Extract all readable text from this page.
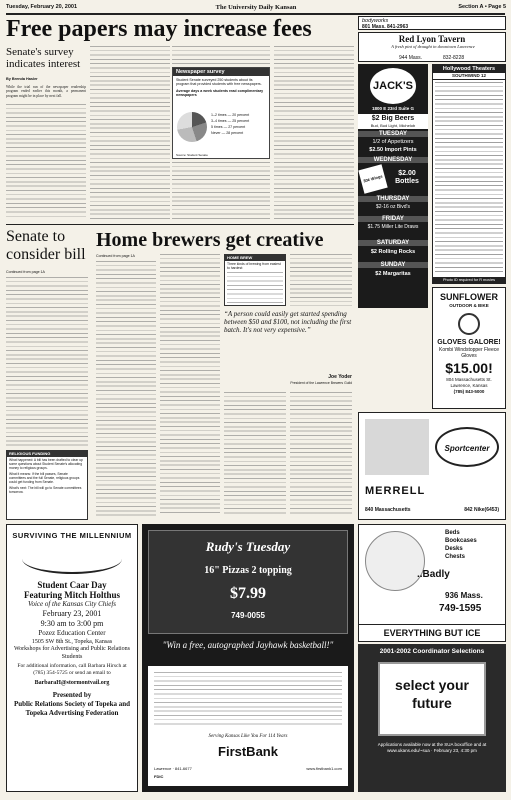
Tuesday, February 20, 2001	The University Daily Kansan	Section A • Page 5
Free papers may increase fees
Senate's survey indicates interest
By Brenda Hasler
While the trial run of the newspaper readership program ended earlier this month, a permanent program might be in place by next fall.
Newspaper survey
Student Senate surveyed 250 students about its program that provided students with free newspapers.
Average days a week students read complimentary newspapers
1–2 times — 20 percent
3–4 times — 25 percent
5 times — 27 percent
Never — 28 percent
Source: Student Senate
Senate to consider bill
Continued from page 1A
RELIGIOUS FUNDING
What happened: A bill has been drafted to clear up some questions about Student Senate's allocating money to religious groups.
What it means: If the bill passes, Senate committees and the full Senate, religious groups could get funding from Senate.
What's next: The bill will go to Senate committees tomorrow.
Home brewers get creative
Continued from page 1A	HOME BREW
Three kinds of brewing from easiest to hardest:
“A person could easily get started spending between $50 and $100, not including the first batch. It's not very expensive.”
Joe Yoder
President of the Lawrence Brewers Guild
bodyworks
801 Mass. 841-2963
Red Lyon Tavern
A fresh pint of draught in downtown Lawrence
944 Mass.	832-8228
JACK'S
1800 E 23rd Suite G
$2 Big Beers
Bud, Bud Light, Michelob
TUESDAY
1/2 of Appetizers
$2.50 Import Pints
WEDNESDAY
30¢ Wings
$2.00 Bottles
THURSDAY
$2-16 oz Bivd's
FRIDAY
$1.75 Miller Lite Draws
SATURDAY
$2 Rolling Rocks
SUNDAY
$2 Margaritas
Hollywood Theaters
SOUTHWIND 12
Photo ID required for R movies
SUNFLOWER
OUTDOOR & BIKE
GLOVES GALORE!
Kombi Windstopper Fleece Gloves
$15.00!
804 Massachusetts St. Lawrence, Kansas
(785) 843-5000
Sportcenter
MERRELL
840 Massachusetts	842 Nike(6453)
SURVIVING THE MILLENNIUM
Student Caar Day
Featuring Mitch Holthus
Voice of the Kansas City Chiefs
February 23, 2001
9:30 am to 3:00 pm
Pozez Education Center
1505 SW 8th St., Topeka, Kansas
Workshops for Advertising and Public Relations Students
For additional information, call Barbara Hirsch at (785) 354-5725 or send an email to
BarbaraH@stormontvail.org
Presented by
Public Relations Society of Topeka and Topeka Advertising Federation
Rudy's Tuesday
16" Pizzas 2 topping
$7.99
749-0055
"Win a free, autographed Jayhawk basketball!"
Serving Kansas Like You For 114 Years
FirstBank
Lawrence · 841-6677	www.firstbank1.com
FDIC
Beds
Bookcases
Desks
Chests
..Badly
936 Mass.
749-1595
EVERYTHING BUT ICE
2001-2002 Coordinator Selections
select your future
Applications available now at the SUA boxoffice and at www.ukans.edu/~sua · February 23, 4:30 pm
